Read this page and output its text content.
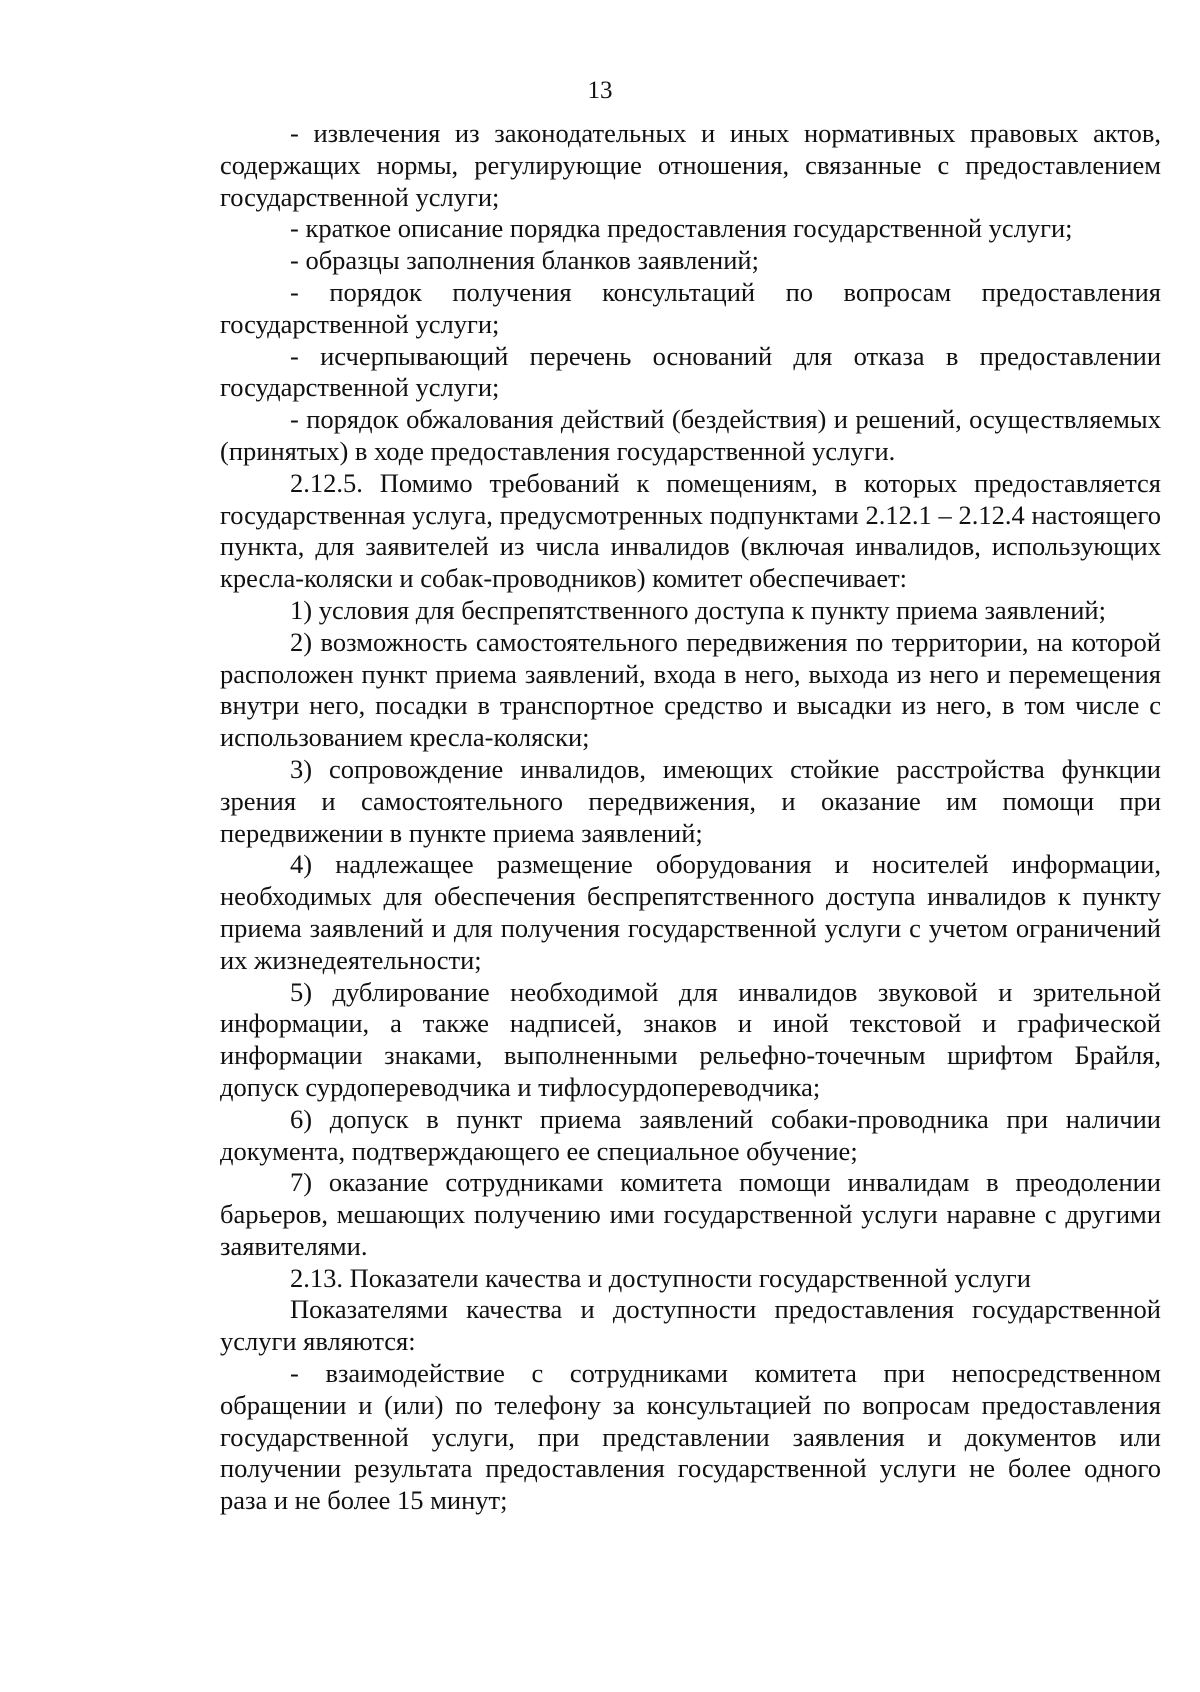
13

- извлечения из законодательных и иных нормативных правовых актов, содержащих нормы, регулирующие отношения, связанные с предоставлением государственной услуги;

- краткое описание порядка предоставления государственной услуги;

- образцы заполнения бланков заявлений;

- порядок получения консультаций по вопросам предоставления государственной услуги;

- исчерпывающий перечень оснований для отказа в предоставлении государственной услуги;

- порядок обжалования действий (бездействия) и решений, осуществляемых (принятых) в ходе предоставления государственной услуги.

2.12.5. Помимо требований к помещениям, в которых предоставляется государственная услуга, предусмотренных подпунктами 2.12.1 – 2.12.4 настоящего пункта, для заявителей из числа инвалидов (включая инвалидов, использующих кресла-коляски и собак-проводников) комитет обеспечивает:

1) условия для беспрепятственного доступа к пункту приема заявлений;

2) возможность самостоятельного передвижения по территории, на которой расположен пункт приема заявлений, входа в него, выхода из него и перемещения внутри него, посадки в транспортное средство и высадки из него, в том числе с использованием кресла-коляски;

3) сопровождение инвалидов, имеющих стойкие расстройства функции зрения и самостоятельного передвижения, и оказание им помощи при передвижении в пункте приема заявлений;

4) надлежащее размещение оборудования и носителей информации, необходимых для обеспечения беспрепятственного доступа инвалидов к пункту приема заявлений и для получения государственной услуги с учетом ограничений их жизнедеятельности;

5) дублирование необходимой для инвалидов звуковой и зрительной информации, а также надписей, знаков и иной текстовой и графической информации знаками, выполненными рельефно-точечным шрифтом Брайля, допуск сурдопереводчика и тифлосурдопереводчика;

6) допуск в пункт приема заявлений собаки-проводника при наличии документа, подтверждающего ее специальное обучение;

7) оказание сотрудниками комитета помощи инвалидам в преодолении барьеров, мешающих получению ими государственной услуги наравне с другими заявителями.

2.13. Показатели качества и доступности государственной услуги

Показателями качества и доступности предоставления государственной услуги являются:

- взаимодействие с сотрудниками комитета при непосредственном обращении и (или) по телефону за консультацией по вопросам предоставления государственной услуги, при представлении заявления и документов или получении результата предоставления государственной услуги не более одного раза и не более 15 минут;
